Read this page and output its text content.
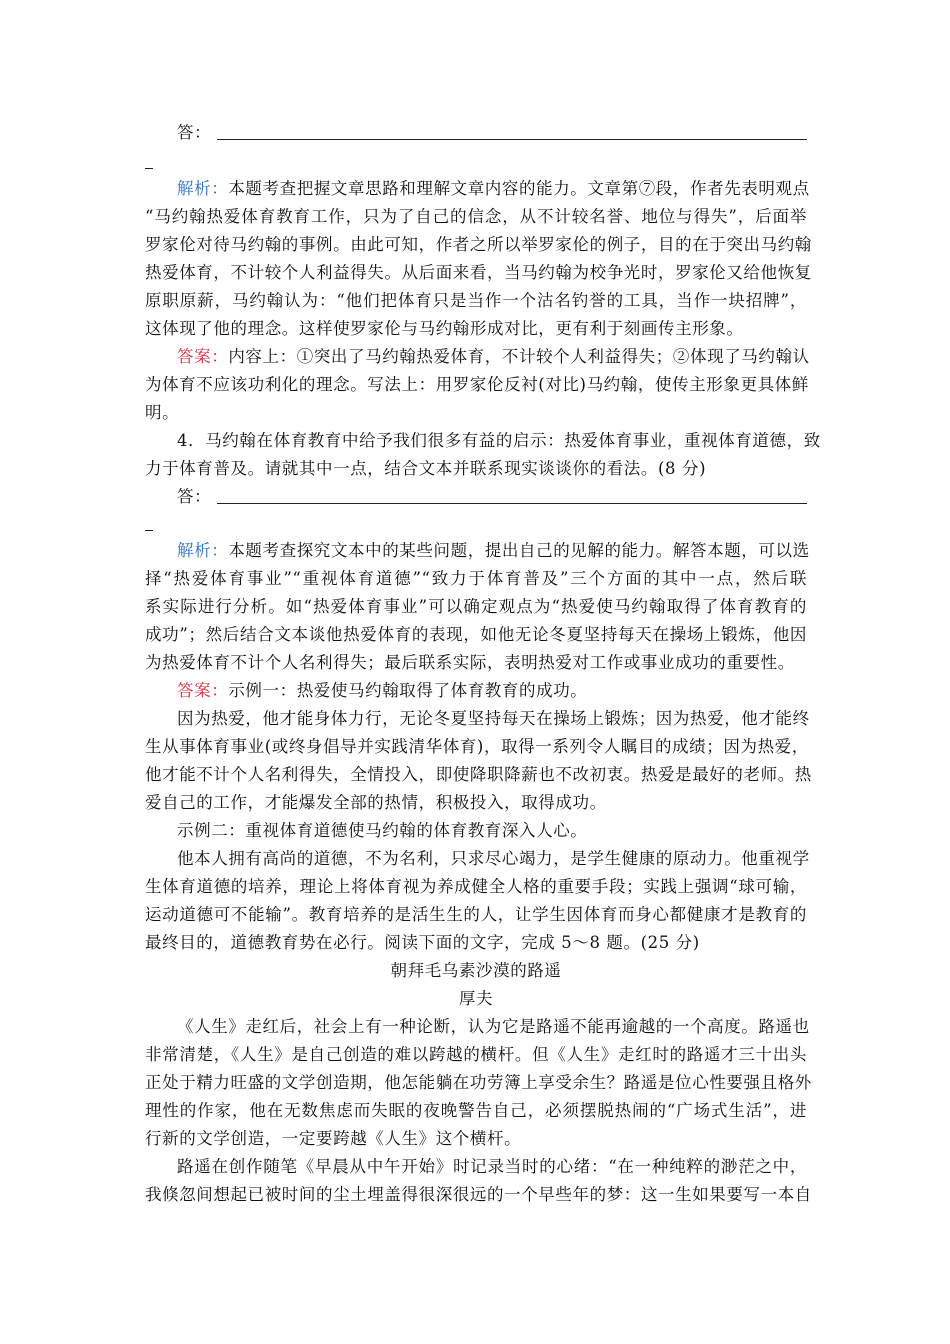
答：
解析：本题考查把握文章思路和理解文章内容的能力。文章第⑦段，作者先表明观点
“马约翰热爱体育教育工作，只为了自己的信念，从不计较名誉、地位与得失”，后面举
罗家伦对待马约翰的事例。由此可知，作者之所以举罗家伦的例子，目的在于突出马约翰
热爱体育，不计较个人利益得失。从后面来看，当马约翰为校争光时，罗家伦又给他恢复
原职原薪，马约翰认为：“他们把体育只是当作一个沽名钓誉的工具，当作一块招牌”，
这体现了他的理念。这样使罗家伦与马约翰形成对比，更有利于刻画传主形象。
答案：内容上：①突出了马约翰热爱体育，不计较个人利益得失；②体现了马约翰认
为体育不应该功利化的理念。写法上：用罗家伦反衬(对比)马约翰，使传主形象更具体鲜
明。
4．马约翰在体育教育中给予我们很多有益的启示：热爱体育事业，重视体育道德，致
力于体育普及。请就其中一点，结合文本并联系现实谈谈你的看法。(8 分)
答：
解析：本题考查探究文本中的某些问题，提出自己的见解的能力。解答本题，可以选
择“热爱体育事业”“重视体育道德”“致力于体育普及”三个方面的其中一点，然后联
系实际进行分析。如“热爱体育事业”可以确定观点为“热爱使马约翰取得了体育教育的
成功”；然后结合文本谈他热爱体育的表现，如他无论冬夏坚持每天在操场上锻炼，他因
为热爱体育不计个人名利得失；最后联系实际，表明热爱对工作或事业成功的重要性。
答案：示例一：热爱使马约翰取得了体育教育的成功。
因为热爱，他才能身体力行，无论冬夏坚持每天在操场上锻炼；因为热爱，他才能终
生从事体育事业(或终身倡导并实践清华体育)，取得一系列令人瞩目的成绩；因为热爱，
他才能不计个人名利得失，全情投入，即使降职降薪也不改初衷。热爱是最好的老师。热
爱自己的工作，才能爆发全部的热情，积极投入，取得成功。
示例二：重视体育道德使马约翰的体育教育深入人心。
他本人拥有高尚的道德，不为名利，只求尽心竭力，是学生健康的原动力。他重视学
生体育道德的培养，理论上将体育视为养成健全人格的重要手段；实践上强调“球可输，
运动道德可不能输”。教育培养的是活生生的人，让学生因体育而身心都健康才是教育的
最终目的，道德教育势在必行。阅读下面的文字，完成 5～8 题。(25 分)
朝拜毛乌素沙漠的路遥
厚夫
《人生》走红后，社会上有一种论断，认为它是路遥不能再逾越的一个高度。路遥也
非常清楚，《人生》是自己创造的难以跨越的横杆。但《人生》走红时的路遥才三十出头
正处于精力旺盛的文学创造期，他怎能躺在功劳簿上享受余生？路遥是位心性要强且格外
理性的作家，他在无数焦虑而失眠的夜晚警告自己，必须摆脱热闹的“广场式生活”，进
行新的文学创造，一定要跨越《人生》这个横杆。
路遥在创作随笔《早晨从中午开始》时记录当时的心绪：“在一种纯粹的渺茫之中，
我倏忽间想起已被时间的尘土埋盖得很深很远的一个早些年的梦：这一生如果要写一本自
